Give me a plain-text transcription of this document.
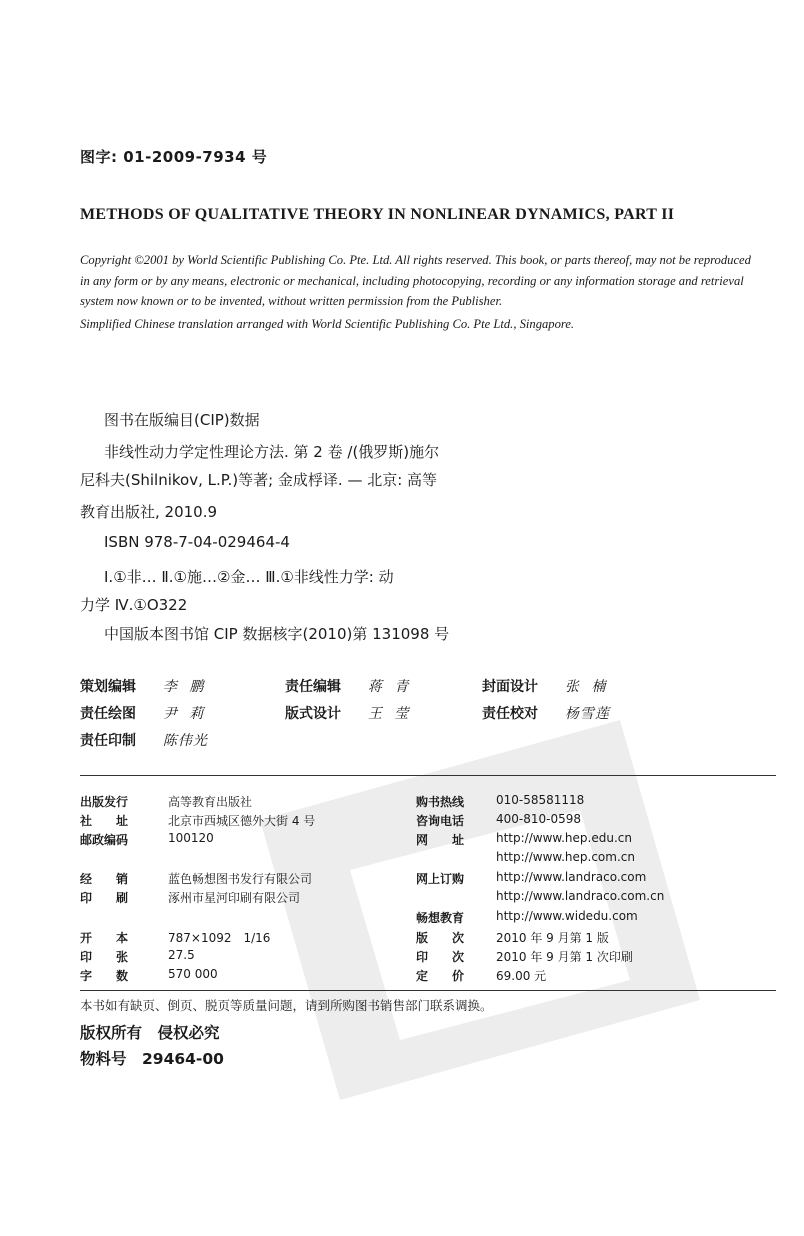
图字: 01-2009-7934 号
METHODS OF QUALITATIVE THEORY IN NONLINEAR DYNAMICS, PART II

Copyright ©2001 by World Scientific Publishing Co. Pte. Ltd. All rights reserved. This book, or parts thereof, may not be reproduced in any form or by any means, electronic or mechanical, including photocopying, recording or any information storage and retrieval system now known or to be invented, without written permission from the Publisher.

Simplified Chinese translation arranged with World Scientific Publishing Co. Pte Ltd., Singapore.

图书在版编目(CIP)数据
非线性动力学定性理论方法. 第 2 卷 /(俄罗斯)施尔
尼科夫(Shilnikov, L.P.)等著; 金成桴译. — 北京: 高等
教育出版社, 2010.9
ISBN 978-7-04-029464-4
Ⅰ.①非… Ⅱ.①施…②金… Ⅲ.①非线性力学: 动
力学 Ⅳ.①O322
中国版本图书馆 CIP 数据核字(2010)第 131098 号
策划编辑 李 鹏	责任编辑 蒋 青	封面设计 张 楠
责任绘图 尹 莉	版式设计 王 莹	责任校对 杨雪莲
责任印制 陈伟光
出版发行	高等教育出版社
社　　址	北京市西城区德外大街 4 号
邮政编码	100120
经　　销	蓝色畅想图书发行有限公司
印　　刷	涿州市星河印刷有限公司
开　　本	787×1092　1/16
印　　张	27.5
字　　数	570 000
购书热线	010-58581118
咨询电话	400-810-0598
网　　址	http://www.hep.edu.cn
http://www.hep.com.cn
网上订购	http://www.landraco.com
http://www.landraco.com.cn
畅想教育	http://www.widedu.com
版　　次	2010 年 9 月第 1 版
印　　次	2010 年 9 月第 1 次印刷
定　　价	69.00 元
本书如有缺页、倒页、脱页等质量问题，请到所购图书销售部门联系调换。
版权所有　侵权必究
物料号　29464-00
